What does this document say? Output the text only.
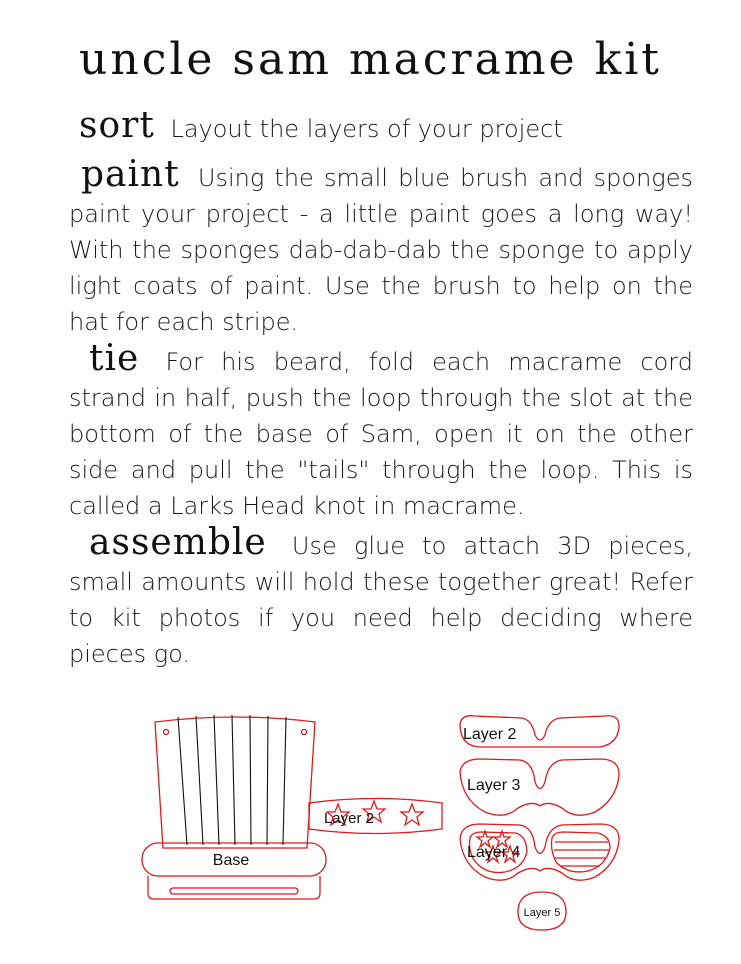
uncle sam macrame kit
sort Layout the layers of your project
paint Using the small blue brush and sponges paint your project - a little paint goes a long way! With the sponges dab-dab-dab the sponge to apply light coats of paint. Use the brush to help on the hat for each stripe.
tie For his beard, fold each macrame cord strand in half, push the loop through the slot at the bottom of the base of Sam, open it on the other side and pull the "tails" through the loop. This is called a Larks Head knot in macrame.
assemble Use glue to attach 3D pieces, small amounts will hold these together great! Refer to kit photos if you need help deciding where pieces go.
Base
Layer 2
Layer 2
Layer 3
Layer 4
Layer 5
